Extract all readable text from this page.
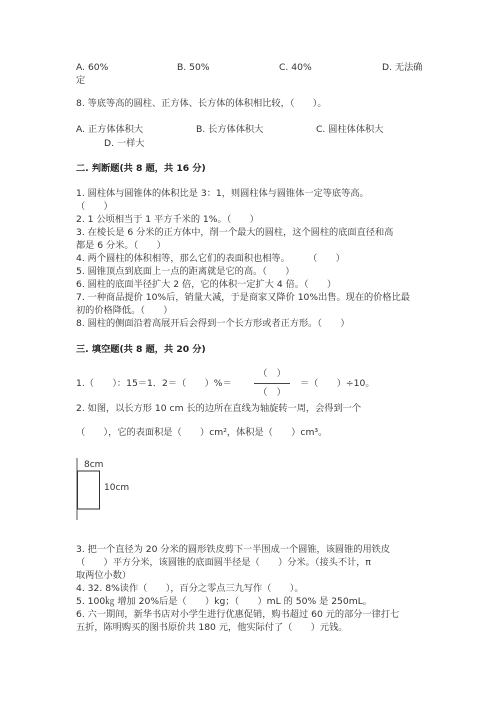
A. 60%	B. 50%	C. 40%	D. 无法确
定
8. 等底等高的圆柱、正方体、长方体的体积相比较，（　　）。
A. 正方体体积大	B. 长方体体积大	C. 圆柱体体积大
D. 一样大
二. 判断题(共 8 题，共 16 分)
1. 圆柱体与圆锥体的体积比是 3：1，则圆柱体与圆锥体一定等底等高。
（　　）
2. 1 公顷相当于 1 平方千米的 1%。（　　）
3. 在棱长是 6 分米的正方体中，削一个最大的圆柱，这个圆柱的底面直径和高
都是 6 分米。（　　）
4. 两个圆柱的体积相等，那么它们的表面积也相等。　　　（　　）
5. 圆锥顶点到底面上一点的距离就是它的高。（　　）
6. 圆柱的底面半径扩大 2 倍，它的体积一定扩大 4 倍。（　　）
7. 一种商品提价 10%后，销量大减，于是商家又降价 10%出售。现在的价格比最
初的价格降低。（　　）
8. 圆柱的侧面沿着高展开后会得到一个长方形或者正方形。（　　）
三. 填空题(共 8 题，共 20 分)
1.（　　）：15＝1．2＝（　　）%＝
（　）
（　）
＝（　　）÷10。
2. 如图，以长方形 10 cm 长的边所在直线为轴旋转一周，会得到一个
（　　），它的表面积是（　　）cm²，体积是（　　）cm³。
8cm
10cm
3. 把一个直径为 20 分米的圆形铁皮剪下一半围成一个圆锥，该圆锥的用铁皮
（　　）平方分米，该圆锥的底面圆半径是（　　）分米。（接头不计，π
取两位小数）
4. 32. 8%读作（　　），百分之零点三九写作（　　）。
5. 100㎏ 增加 20%后是（　　）kg；（　　）mL 的 50% 是 250mL。
6. 六一期间，新华书店对小学生进行优惠促销，购书超过 60 元的部分一律打七
五折，陈明购买的图书原价共 180 元，他实际付了（　　）元钱。
